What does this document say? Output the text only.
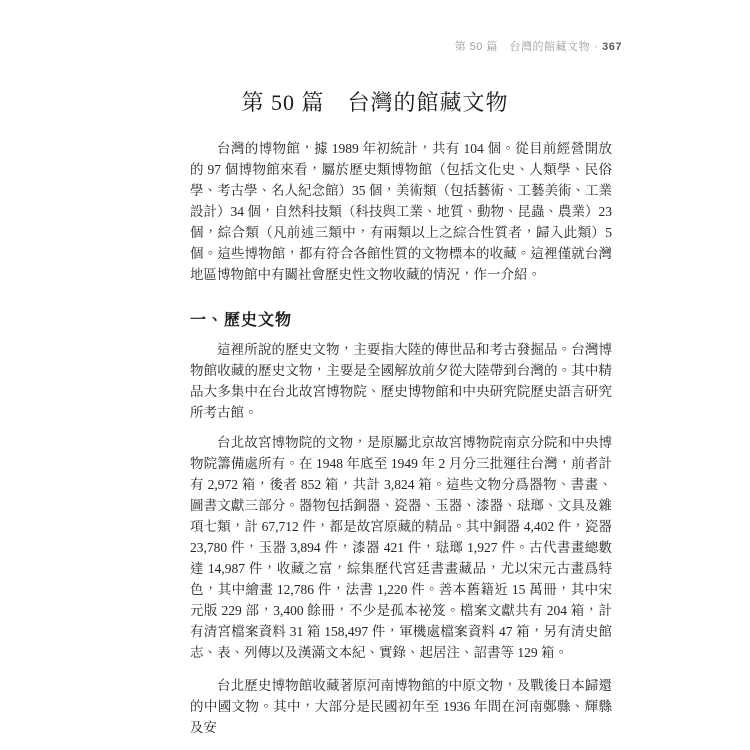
第 50 篇　台灣的館藏文物 · 367
第 50 篇　台灣的館藏文物

台灣的博物館，據 1989 年初統計，共有 104 個。從目前經營開放的 97 個博物館來看，屬於歷史類博物館（包括文化史、人類學、民俗學、考古學、名人紀念館）35 個，美術類（包括藝術、工藝美術、工業設計）34 個，自然科技類（科技與工業、地質、動物、昆蟲、農業）23 個，綜合類（凡前述三類中，有兩類以上之綜合性質者，歸入此類）5 個。這些博物館，都有符合各館性質的文物標本的收藏。這裡僅就台灣地區博物館中有關社會歷史性文物收藏的情況，作一介紹。

一、歷史文物

這裡所說的歷史文物，主要指大陸的傳世品和考古發掘品。台灣博物館收藏的歷史文物，主要是全國解放前夕從大陸帶到台灣的。其中精品大多集中在台北故宮博物院、歷史博物館和中央研究院歷史語言研究所考古館。

台北故宮博物院的文物，是原屬北京故宮博物院南京分院和中央博物院籌備處所有。在 1948 年底至 1949 年 2 月分三批運往台灣，前者計有 2,972 箱，後者 852 箱，共計 3,824 箱。這些文物分爲器物、書畫、圖書文獻三部分。器物包括銅器、瓷器、玉器、漆器、琺瑯、文具及雜項七類，計 67,712 件，都是故宮原藏的精品。其中銅器 4,402 件，瓷器 23,780 件，玉器 3,894 件，漆器 421 件，琺瑯 1,927 件。古代書畫總數達 14,987 件，收藏之富，綜集歷代宮廷書畫藏品，尤以宋元古畫爲特色，其中繪畫 12,786 件，法書 1,220 件。善本舊籍近 15 萬冊，其中宋元版 229 部，3,400 餘冊，不少是孤本祕笈。檔案文獻共有 204 箱，計有清宮檔案資料 31 箱 158,497 件，軍機處檔案資料 47 箱，另有清史館志、表、列傳以及漢滿文本紀、實錄、起居注、詔書等 129 箱。

台北歷史博物館收藏著原河南博物館的中原文物，及戰後日本歸還的中國文物。其中，大部分是民國初年至 1936 年間在河南鄭縣、輝縣及安
